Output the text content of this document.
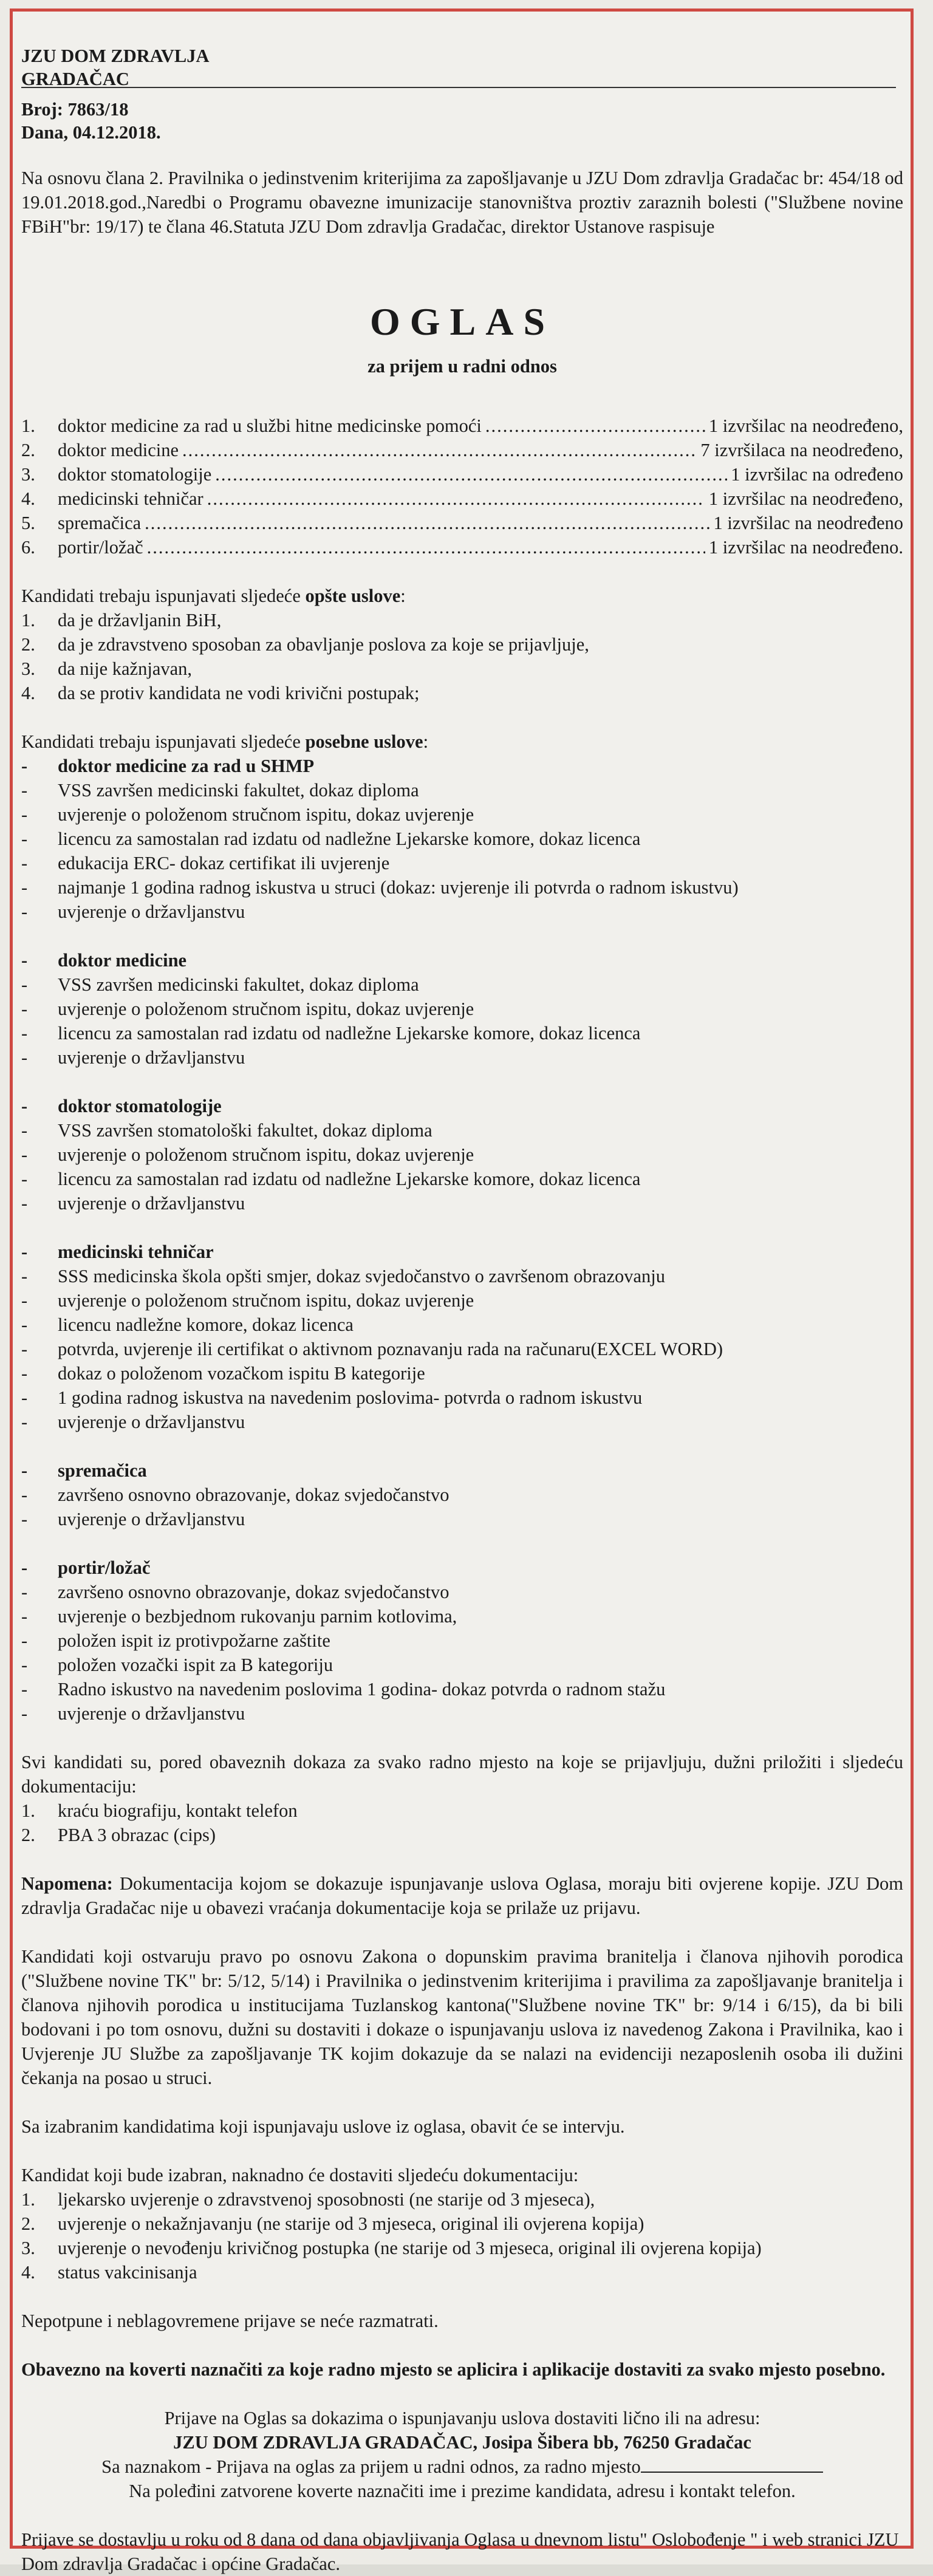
JZU DOM ZDRAVLJA
GRADAČAC
Broj: 7863/18
Dana, 04.12.2018.

Na osnovu člana 2. Pravilnika o jedinstvenim kriterijima za zapošljavanje u JZU Dom zdravlja Gradačac br: 454/18 od 19.01.2018.god.,Naredbi o Programu obavezne imunizacije stanovništva proztiv zaraznih bolesti ("Službene novine FBiH"br: 19/17) te člana 46.Statuta JZU Dom zdravlja Gradačac, direktor Ustanove raspisuje

OGLAS
za prijem u radni odnos
1.	doktor medicine za rad u službi hitne medicinske pomoći .....	1 izvršilac na neodređeno,
2.	doktor medicine .....	7 izvršilaca na neodređeno,
3.	doktor stomatologije .....	1 izvršilac na određeno
4.	medicinski tehničar .....	1 izvršilac na neodređeno,
5.	spremačica .....	1 izvršilac na neodređeno
6.	portir/ložač .....	1 izvršilac na neodređeno.

Kandidati trebaju ispunjavati sljedeće opšte uslove:

1.	da je državljanin BiH,
2.	da je zdravstveno sposoban za obavljanje poslova za koje se prijavljuje,
3.	da nije kažnjavan,
4.	da se protiv kandidata ne vodi krivični postupak;

Kandidati trebaju ispunjavati sljedeće posebne uslove:

-	doktor medicine za rad u SHMP
-	VSS završen medicinski fakultet, dokaz diploma
-	uvjerenje o položenom stručnom ispitu, dokaz uvjerenje
-	licencu za samostalan rad izdatu od nadležne Ljekarske komore, dokaz licenca
-	edukacija ERC- dokaz certifikat ili uvjerenje
-	najmanje 1 godina radnog iskustva u struci (dokaz: uvjerenje ili potvrda o radnom iskustvu)
-	uvjerenje o državljanstvu
-	doktor medicine
-	VSS završen medicinski fakultet, dokaz diploma
-	uvjerenje o položenom stručnom ispitu, dokaz uvjerenje
-	licencu za samostalan rad izdatu od nadležne Ljekarske komore, dokaz licenca
-	uvjerenje o državljanstvu
-	doktor stomatologije
-	VSS završen stomatološki fakultet, dokaz diploma
-	uvjerenje o položenom stručnom ispitu, dokaz uvjerenje
-	licencu za samostalan rad izdatu od nadležne Ljekarske komore, dokaz licenca
-	uvjerenje o državljanstvu
-	medicinski tehničar
-	SSS medicinska škola opšti smjer, dokaz svjedočanstvo o završenom obrazovanju
-	uvjerenje o položenom stručnom ispitu, dokaz uvjerenje
-	licencu nadležne komore, dokaz licenca
-	potvrda, uvjerenje ili certifikat o aktivnom poznavanju rada na računaru(EXCEL WORD)
-	dokaz o položenom vozačkom ispitu B kategorije
-	1 godina radnog iskustva na navedenim poslovima- potvrda o radnom iskustvu
-	uvjerenje o državljanstvu
-	spremačica
-	završeno osnovno obrazovanje, dokaz svjedočanstvo
-	uvjerenje o državljanstvu
-	portir/ložač
-	završeno osnovno obrazovanje, dokaz svjedočanstvo
-	uvjerenje o bezbjednom rukovanju parnim kotlovima,
-	položen ispit iz protivpožarne zaštite
-	položen vozački ispit za B kategoriju
-	Radno iskustvo na navedenim poslovima 1 godina- dokaz potvrda o radnom stažu
-	uvjerenje o državljanstvu

Svi kandidati su, pored obaveznih dokaza za svako radno mjesto na koje se prijavljuju, dužni priložiti i sljedeću dokumentaciju:

1.	kraću biografiju, kontakt telefon
2.	PBA 3 obrazac (cips)

Napomena: Dokumentacija kojom se dokazuje ispunjavanje uslova Oglasa, moraju biti ovjerene kopije. JZU Dom zdravlja Gradačac nije u obavezi vraćanja dokumentacije koja se prilaže uz prijavu.

Kandidati koji ostvaruju pravo po osnovu Zakona o dopunskim pravima branitelja i članova njihovih porodica ("Službene novine TK" br: 5/12, 5/14) i Pravilnika o jedinstvenim kriterijima i pravilima za zapošljavanje branitelja i članova njihovih porodica u institucijama Tuzlanskog kantona("Službene novine TK" br: 9/14 i 6/15), da bi bili bodovani i po tom osnovu, dužni su dostaviti i dokaze o ispunjavanju uslova iz navedenog Zakona i Pravilnika, kao i Uvjerenje JU Službe za zapošljavanje TK kojim dokazuje da se nalazi na evidenciji nezaposlenih osoba ili dužini čekanja na posao u struci.

Sa izabranim kandidatima koji ispunjavaju uslove iz oglasa, obavit će se intervju.

Kandidat koji bude izabran, naknadno će dostaviti sljedeću dokumentaciju:

1.	ljekarsko uvjerenje o zdravstvenoj sposobnosti (ne starije od 3 mjeseca),
2.	uvjerenje o nekažnjavanju (ne starije od 3 mjeseca, original ili ovjerena kopija)
3.	uvjerenje o nevođenju krivičnog postupka (ne starije od 3 mjeseca, original ili ovjerena kopija)
4.	status vakcinisanja

Nepotpune i neblagovremene prijave se neće razmatrati.

Obavezno na koverti naznačiti za koje radno mjesto se aplicira i aplikacije dostaviti za svako mjesto posebno.

Prijave na Oglas sa dokazima o ispunjavanju uslova dostaviti lično ili na adresu:

JZU DOM ZDRAVLJA GRADAČAC, Josipa Šibera bb, 76250 Gradačac

Sa naznakom - Prijava na oglas za prijem u radni odnos, za radno mjesto

Na poleđini zatvorene koverte naznačiti ime i prezime kandidata, adresu i kontakt telefon.

Prijave se dostavlju u roku od 8 dana od dana objavljivanja Oglasa u dnevnom listu" Oslobođenje " i web stranici JZU Dom zdravlja Gradačac i općine Gradačac.
